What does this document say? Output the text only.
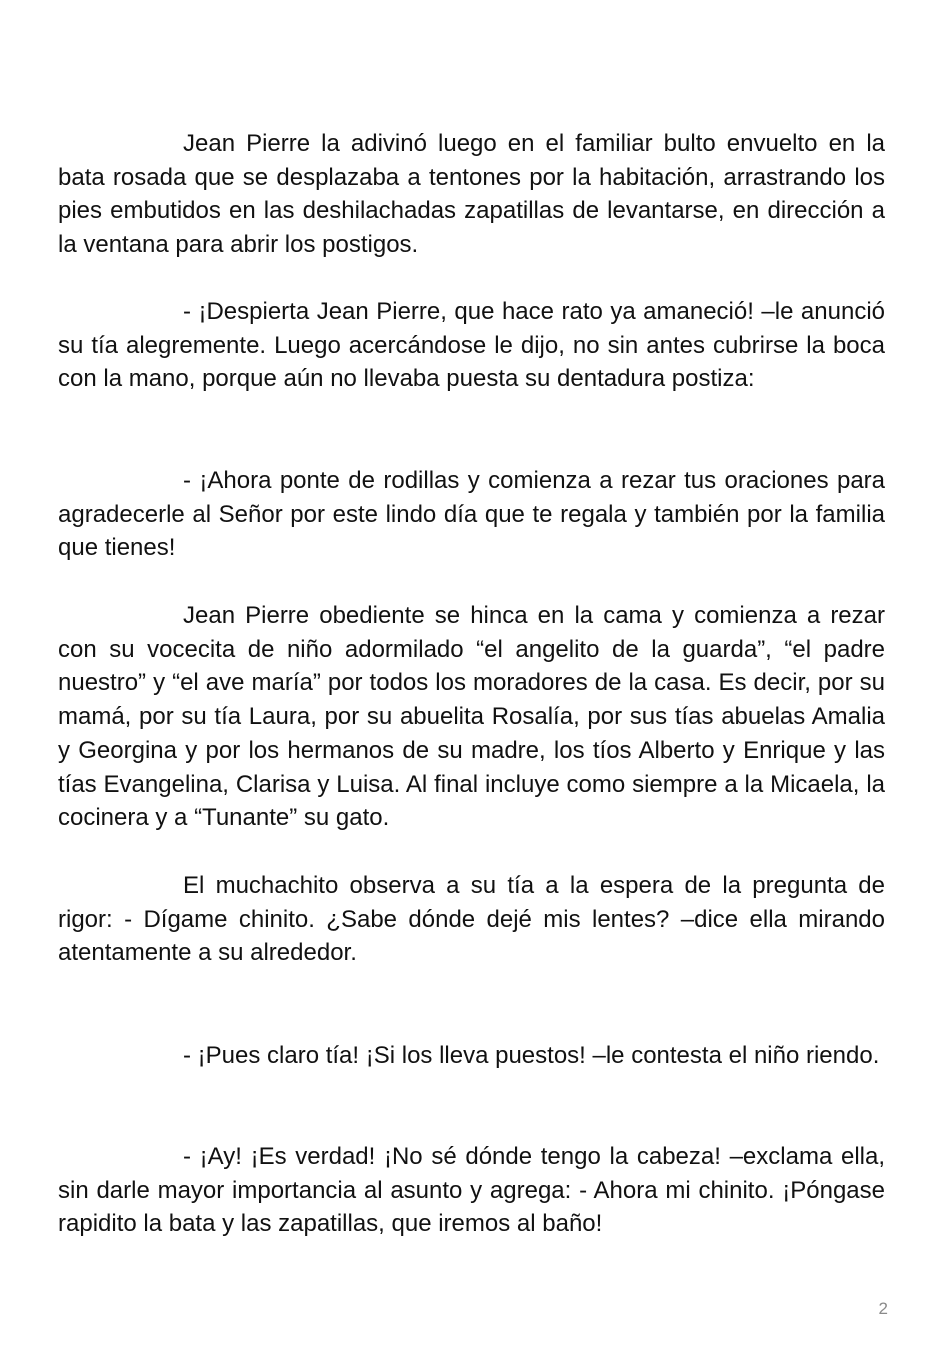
Jean Pierre la adivinó luego en el familiar bulto envuelto en la bata rosada que se desplazaba a tentones por la habitación, arrastrando los pies embutidos en las deshilachadas zapatillas de levantarse, en dirección a la ventana para abrir los postigos.

- ¡Despierta Jean Pierre, que hace rato ya amaneció! –le anunció su tía alegremente. Luego acercándose le dijo, no sin antes cubrirse la boca con la mano, porque aún no llevaba puesta su dentadura postiza:

- ¡Ahora ponte de rodillas y comienza a rezar tus oraciones para agradecerle al Señor por este lindo día que te regala y también por la familia que tienes!

Jean Pierre obediente se hinca en la cama y comienza a rezar con su vocecita de niño adormilado “el angelito de la guarda”, “el padre nuestro” y “el ave maría” por todos los moradores de la casa. Es decir, por su mamá, por su tía Laura, por su abuelita Rosalía, por sus tías abuelas Amalia y Georgina y por los hermanos de su madre, los tíos Alberto y Enrique y las tías Evangelina, Clarisa y Luisa. Al final incluye como siempre a la Micaela, la cocinera y a “Tunante” su gato.

El muchachito observa a su tía a la espera de la pregunta de rigor: - Dígame chinito. ¿Sabe dónde dejé mis lentes? –dice ella mirando atentamente a su alrededor.

- ¡Pues claro tía! ¡Si los lleva puestos! –le contesta el niño riendo.

- ¡Ay! ¡Es verdad! ¡No sé dónde tengo la cabeza! –exclama ella, sin darle mayor importancia al asunto y agrega: - Ahora mi chinito. ¡Póngase rapidito la bata y las zapatillas, que iremos al baño!

2
